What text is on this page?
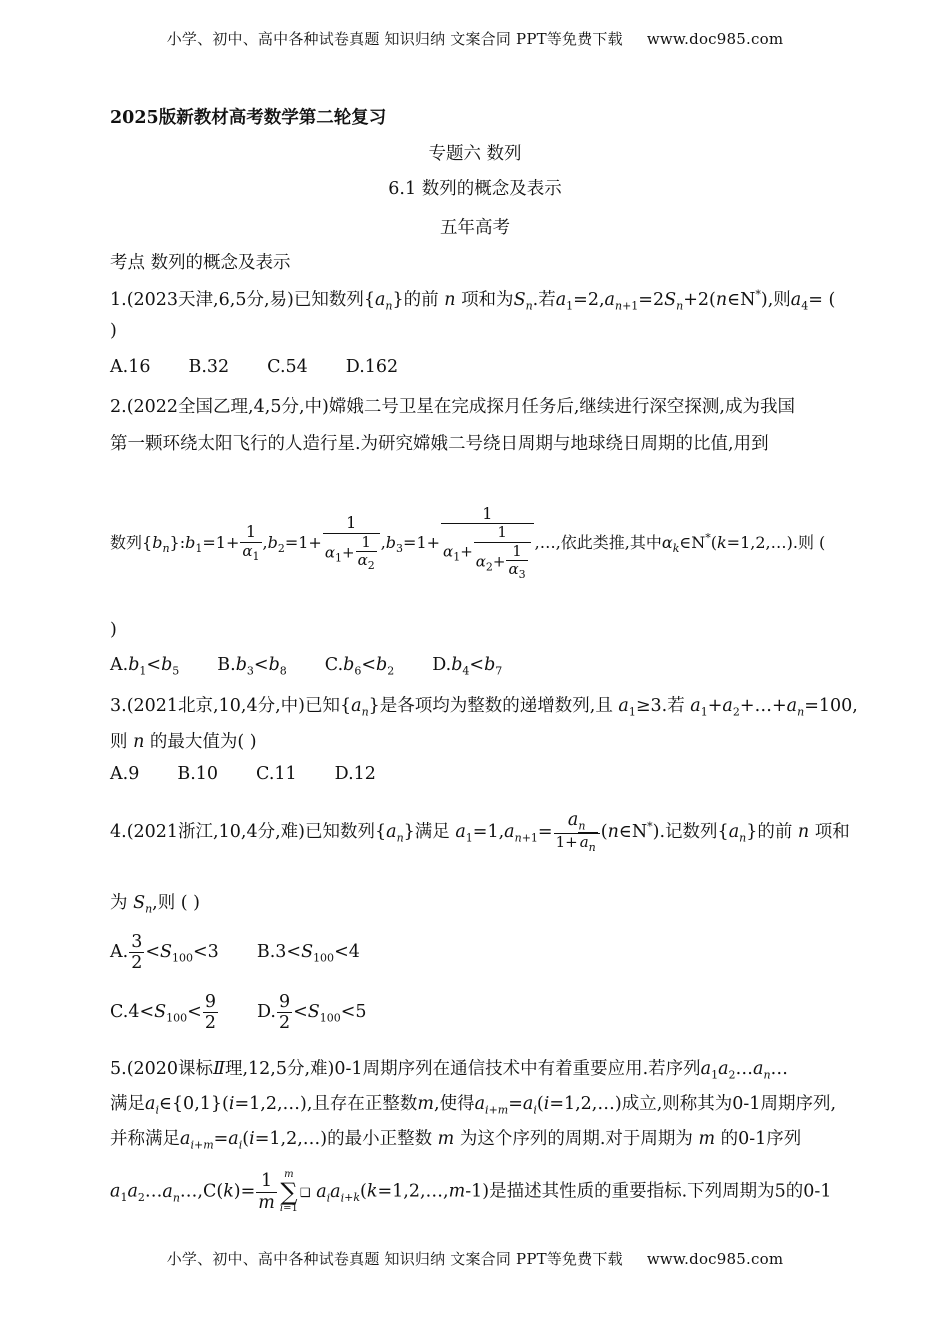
小学、初中、高中各种试卷真题 知识归纳 文案合同 PPT等免费下载 www.doc985.com
2025版新教材高考数学第二轮复习
专题六 数列
6.1 数列的概念及表示
五年高考
考点 数列的概念及表示
1.(2023天津,6,5分,易)已知数列$\{a_n\}$的前 n 项和为$S_n$.若$a_1=2,a_{n+1}=2S_n+2(n\in N^*)$,则$a_4=$ (
)
A.16 B.32 C.54 D.162
2.(2022全国乙理,4,5分,中)嫦娥二号卫星在完成探月任务后,继续进行深空探测,成为我国
第一颗环绕太阳飞行的人造行星.为研究嫦娥二号绕日周期与地球绕日周期的比值,用到
数列$\{b_n\}:b_1=1+ \frac{1}{\alpha_1} ,b_2=1+ \frac{1}{\alpha_1+ \frac{1}{\alpha_2}} ,b_3=1+ \frac{1}{\alpha_1+ \frac{1}{\alpha_2+ \frac{1}{\alpha_3}}}$ ,…,依此类推,其中$\alpha_k\in N^*(k=1,2,\dots)$.则 (
)
$A.b_1<b_5$ $B.b_3<b_8$ $C.b_6<b_2$ $D.b_4<b_7$
3.(2021北京,10,4分,中)已知$\{a_n\}$是各项均为整数的递增数列,且 $a_1\ge 3$.若 $a_1+a_2+\dots+a_n=100$,
则 n 的最大值为( )
A.9 B.10 C.11 D.12
4.(2021浙江,10,4分,难)已知数列$\{a_n\}$满足 $a_1=1,a_{n+1}= \frac{a_n}{1+ a_n}$ (n∈N*).记数列$\{a_n\}$的前 n 项和
为 $S_n$,则 ( )
A. $\frac{3}{2} <S_{100}<3$ $B.3<S_{100}<4$
$C.4<S_{100}< \frac{9}{2} D$. $\frac{9}{2} <S_{100}<5$
5.(2020课标Ⅱ理,12,5分,难)0-1周期序列在通信技术中有着重要应用.若序列$a_1a_2\dots a_n\dots$
满足$a_i\in\{0,1\}(i=1,2,\dots)$,且存在正整数m,使得$a_{i+m}=a_i(i=1,2,\dots)$成立,则称其为0-1周期序列,
并称满足$a_{i+m}=a_i(i=1,2,\dots)$的最小正整数 m 为这个序列的周期.对于周期为 m 的0-1序列
$a_1a_2\dots a_n\dots,C(k)= \frac{1}{m}$ m
∑
i=1
❑ $a_ia_{i+k}(k=1,2,\dots,m-1)$是描述其性质的重要指标.下列周期为5的0-1
小学、初中、高中各种试卷真题 知识归纳 文案合同 PPT等免费下载 www.doc985.com
